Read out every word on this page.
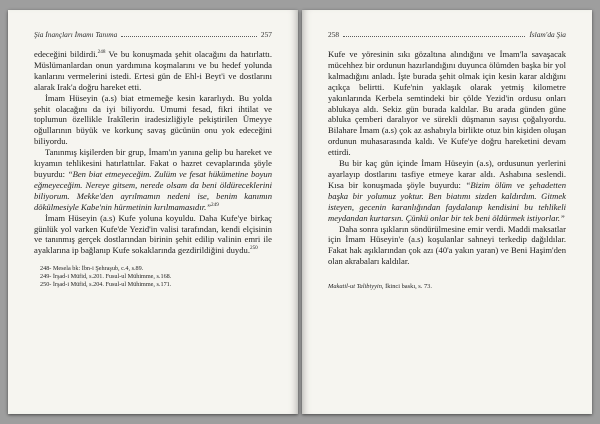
Şia İnançları İmamı Tanıma	257

edeceğini bildirdi.$^{248}$ Ve bu konuşmada şehit olacağını da hatırlattı. Müslümanlardan onun yardımına koşmalarını ve bu hedef yolunda kanlarını vermelerini istedi. Ertesi gün de Ehl-i Beyt'i ve dostlarını alarak Irak'a doğru hareket etti.

İmam Hüseyin (a.s) biat etmemeğe kesin kararlıydı. Bu yolda şehit olacağını da iyi biliyordu. Umumi fesad, fikri ihtilat ve toplumun özellikle Irakîlerin iradesizliğiyle pekiştirilen Ümeyye oğullarının büyük ve korkunç savaş gücünün onu yok edeceğini biliyordu.

Tanınmış kişilerden bir grup, İmam'ın yanına gelip bu hareket ve kıyamın tehlikesini hatırlattılar. Fakat o hazret cevaplarında şöyle buyurdu: “Ben biat etmeyeceğim. Zulüm ve fesat hükümetine boyun eğmeyeceğim. Nereye gitsem, nerede olsam da beni öldüreceklerini biliyorum. Mekke'den ayrılmamın nedeni ise, benim kanımın dökülmesiyle Kabe'nin hürmetinin kırılmamasıdır.”$^{249}$

İmam Hüseyin (a.s) Kufe yoluna koyuldu. Daha Kufe'ye birkaç günlük yol varken Kufe'de Yezid'in valisi tarafından, kendi elçisinin ve tanınmış gerçek dostlarından birinin şehit edilip valinin emri ile ayaklarına ip bağlanıp Kufe sokaklarında gezdirildiğini duydu.$^{250}$

248- Mesela bk: İbn-i Şehraşub, c.4, s.89.

249- İrşad-i Müfid, s.201. Fusul-ul Mühimme, s.168.

250- İrşad-i Müfid, s.204. Fusul-ul Mühimme, s.171.

258	İslam'da Şia

Kufe ve yöresinin sıkı gözaltına alındığını ve İmam'la savaşacak mücehhez bir ordunun hazırlandığını duyunca ölümden başka bir yol kalmadığını anladı. İşte burada şehit olmak için kesin karar aldığını açıkça belirtti. Kufe'nin yaklaşık olarak yetmiş kilometre yakınlarında Kerbela semtindeki bir çölde Yezid'in ordusu onları ablukaya aldı. Sekiz gün burada kaldılar. Bu arada günden güne abluka çemberi daralıyor ve sürekli düşmanın sayısı çoğalıyordu. Bilahare İmam (a.s) çok az ashabıyla birlikte otuz bin kişiden oluşan ordunun muhasarasında kaldı. Ve Kufe'ye doğru hareketini devam ettirdi.

Bu bir kaç gün içinde İmam Hüseyin (a.s), ordusunun yerlerini ayarlayıp dostlarını tasfiye etmeye karar aldı. Ashabına seslendi. Kısa bir konuşmada şöyle buyurdu: “Bizim ölüm ve şehadetten başka bir yolumuz yoktur. Ben biatımı sizden kaldırdım. Gitmek isteyen, gecenin karanlığından faydalanıp kendisini bu tehlikeli meydandan kurtarsın. Çünkü onlar bir tek beni öldürmek istiyorlar.”

Daha sonra ışıkların söndürülmesine emir verdi. Maddi maksatlar için İmam Hüseyin'e (a.s) koşulanlar sahneyi terkedip dağıldılar. Fakat hak aşıklarından çok azı (40'a yakın yaran) ve Beni Haşim'den olan akrabaları kaldılar.

Makatil-ut Talibiyyin, İkinci baskı, s. 73.
